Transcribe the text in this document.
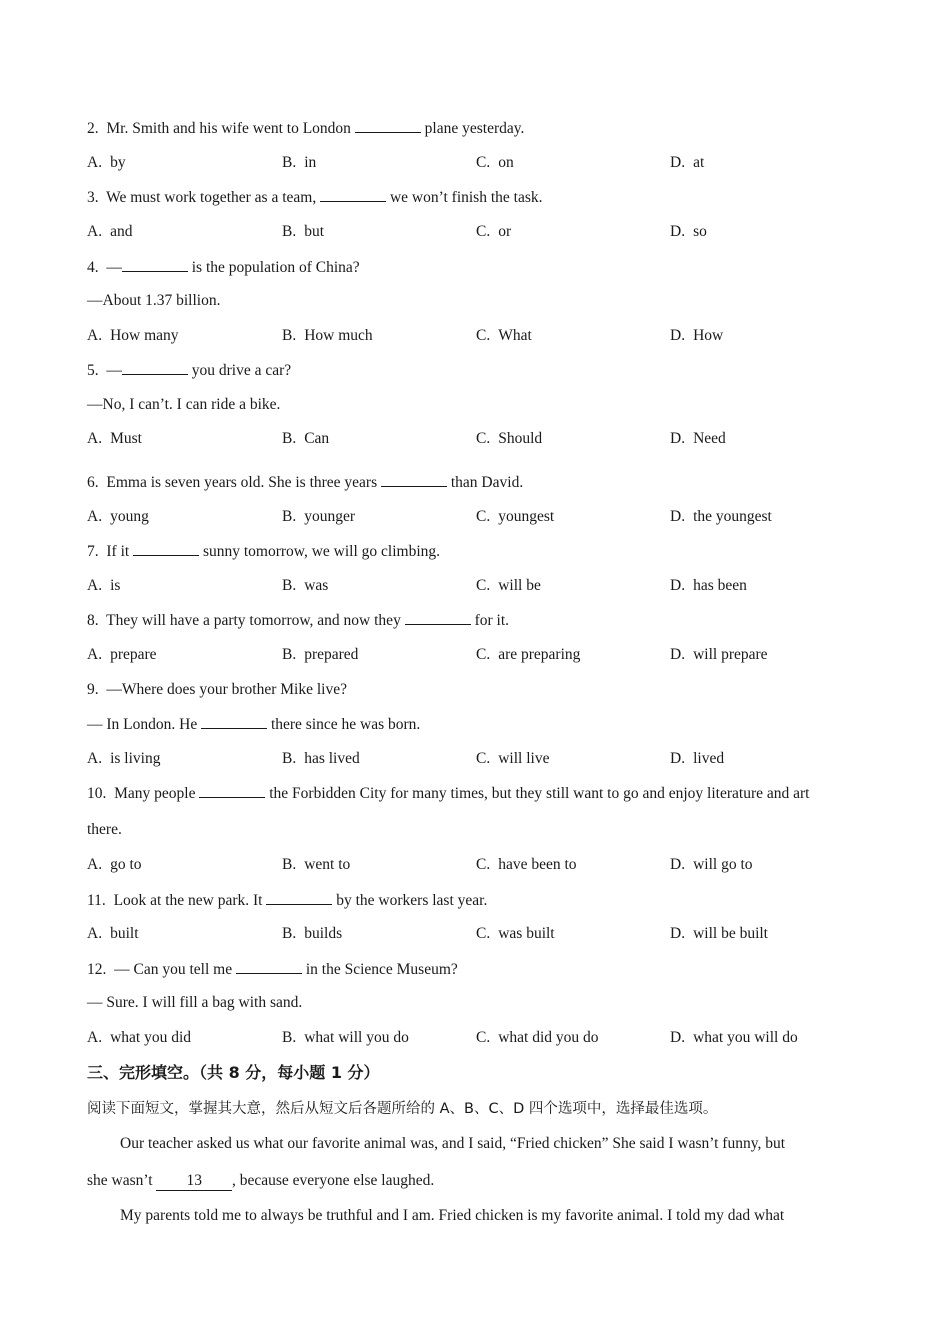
2. Mr. Smith and his wife went to London	plane yesterday.
A. by	B. in	C. on	D. at
3. We must work together as a team,	we won’t finish the task.
A. and	B. but	C. or	D. so
4. —	is the population of China?
—About 1.37 billion.
A. How many	B. How much	C. What	D. How
5. —	you drive a car?
—No, I can’t. I can ride a bike.
A. Must	B. Can	C. Should	D. Need
6. Emma is seven years old. She is three years	than David.
A. young	B. younger	C. youngest	D. the youngest
7. If it	sunny tomorrow, we will go climbing.
A. is	B. was	C. will be	D. has been
8. They will have a party tomorrow, and now they	for it.
A. prepare	B. prepared	C. are preparing	D. will prepare
9. —Where does your brother Mike live?
— In London. He	there since he was born.
A. is living	B. has lived	C. will live	D. lived
10. Many people	the Forbidden City for many times, but they still want to go and enjoy literature and art
there.
A. go to	B. went to	C. have been to	D. will go to
11. Look at the new park. It	by the workers last year.
A. built	B. builds	C. was built	D. will be built
12. — Can you tell me	in the Science Museum?
— Sure. I will fill a bag with sand.
A. what you did	B. what will you do	C. what did you do	D. what you will do
三、完形填空。（共 8 分，每小题 1 分）
阅读下面短文，掌握其大意，然后从短文后各题所给的 A、B、C、D 四个选项中，选择最佳选项。
Our teacher asked us what our favorite animal was, and I said, “Fried chicken” She said I wasn’t funny, but
she wasn’t 13 , because everyone else laughed.
My parents told me to always be truthful and I am. Fried chicken is my favorite animal. I told my dad what
